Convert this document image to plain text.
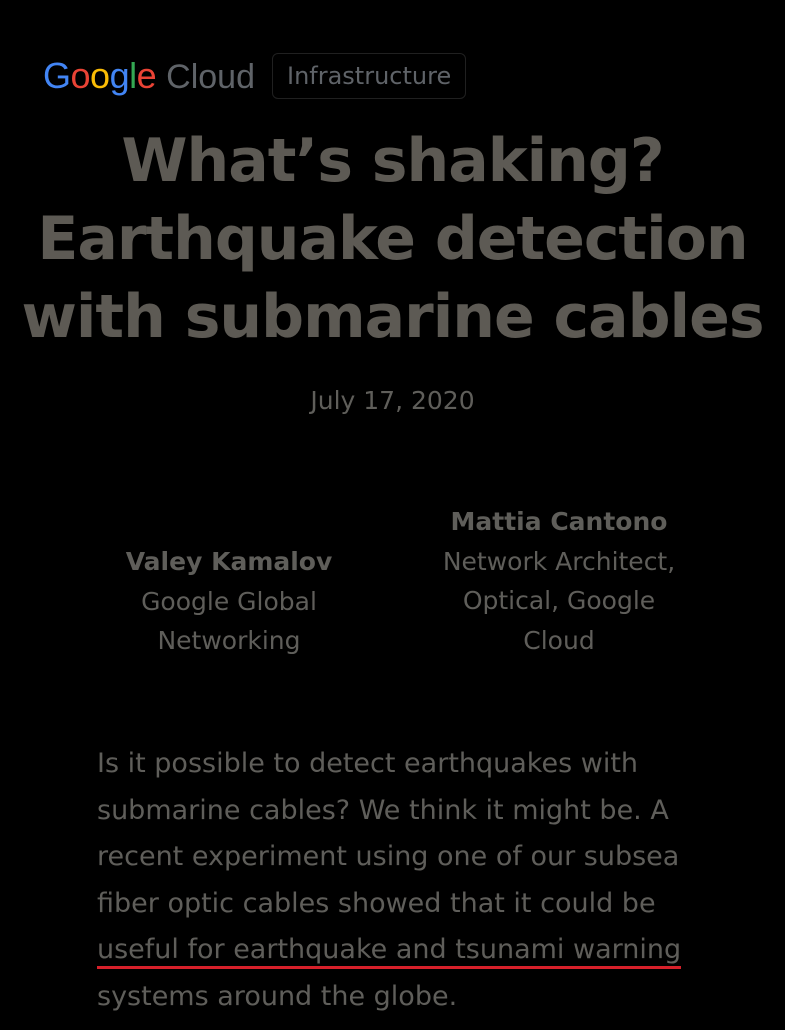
G o o g l e Cloud	Infrastructure
What’s shaking? Earthquake detection with submarine cables
July 17, 2020
Valey Kamalov
Google Global Networking
Mattia Cantono
Network Architect, Optical, Google Cloud

Is it possible to detect earthquakes with submarine cables? We think it might be. A recent experiment using one of our subsea fiber optic cables showed that it could be useful for earthquake and tsunami warning systems around the globe.
